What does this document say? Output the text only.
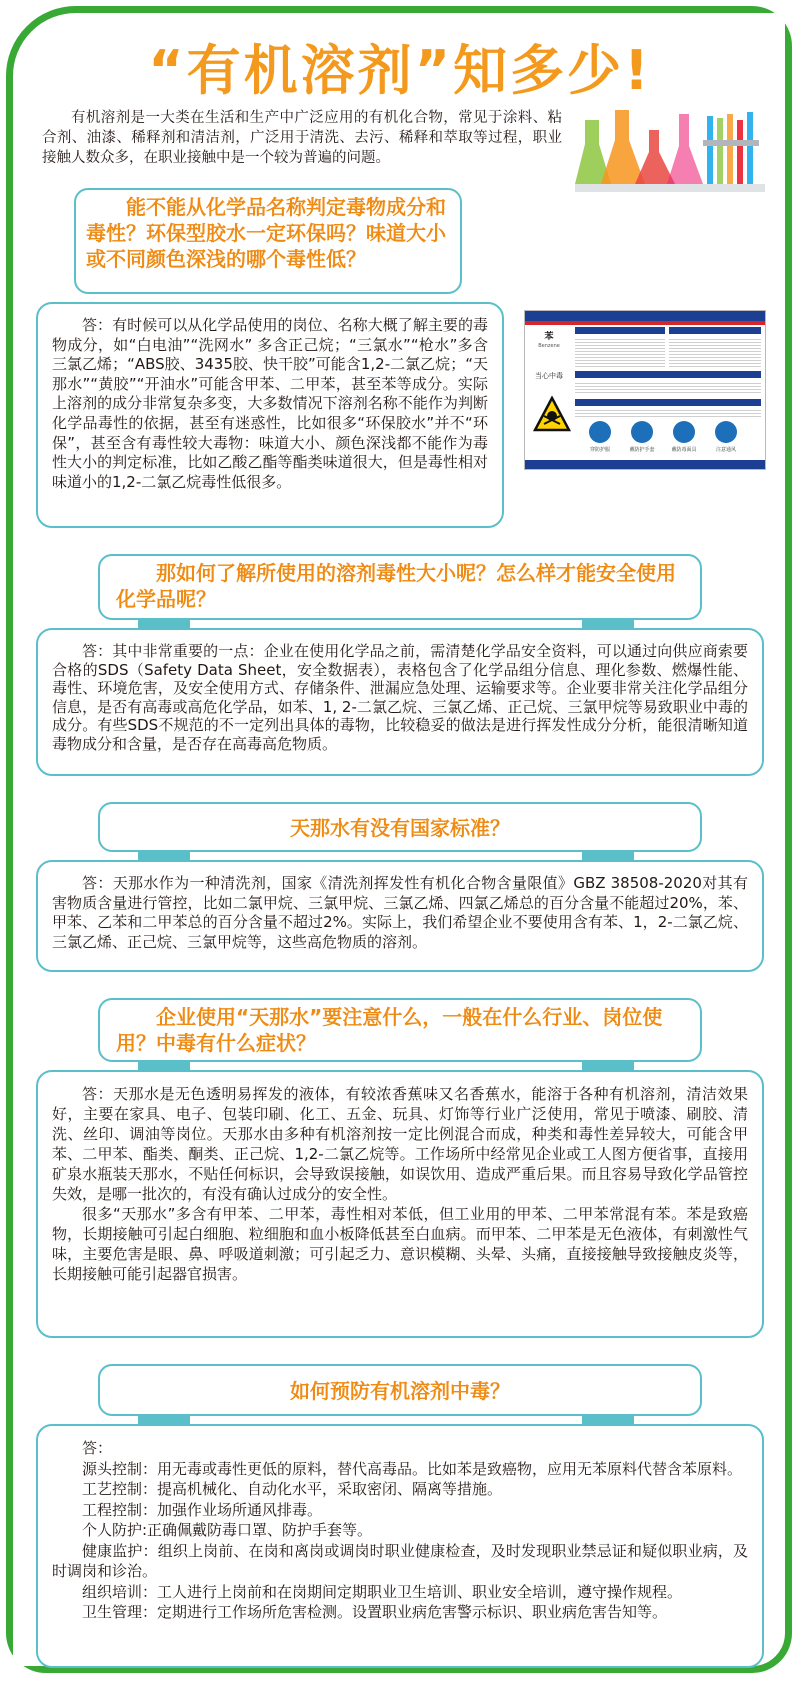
“有机溶剂”知多少!
有机溶剂是一大类在生活和生产中广泛应用的有机化合物，常见于涂料、粘合剂、油漆、稀释剂和清洁剂，广泛用于清洗、去污、稀释和萃取等过程，职业接触人数众多，在职业接触中是一个较为普遍的问题。
能不能从化学品名称判定毒物成分和毒性？环保型胶水一定环保吗？味道大小或不同颜色深浅的哪个毒性低？

答：有时候可以从化学品使用的岗位、名称大概了解主要的毒物成分，如“白电油”“洗网水” 多含正己烷；“三氯水”“枪水”多含三氯乙烯；“ABS胶、3435胶、快干胶”可能含1,2-二氯乙烷；“天那水”“黄胶”“开油水”可能含甲苯、二甲苯，甚至苯等成分。实际上溶剂的成分非常复杂多变，大多数情况下溶剂名称不能作为判断化学品毒性的依据，甚至有迷惑性，比如很多“环保胶水”并不“环保”，甚至含有毒性较大毒物：味道大小、颜色深浅都不能作为毒性大小的判定标准，比如乙酸乙酯等酯类味道很大，但是毒性相对味道小的1,2-二氯乙烷毒性低很多。

苯
Benzene
当心中毒
穿防护服	戴防护手套	戴防毒面具	注意通风
那如何了解所使用的溶剂毒性大小呢？怎么样才能安全使用化学品呢？

答：其中非常重要的一点：企业在使用化学品之前，需清楚化学品安全资料，可以通过向供应商索要合格的SDS（Safety Data Sheet，安全数据表），表格包含了化学品组分信息、理化参数、燃爆性能、毒性、环境危害，及安全使用方式、存储条件、泄漏应急处理、运输要求等。企业要非常关注化学品组分信息，是否有高毒或高危化学品，如苯、1, 2-二氯乙烷、三氯乙烯、正己烷、三氯甲烷等易致职业中毒的成分。有些SDS不规范的不一定列出具体的毒物，比较稳妥的做法是进行挥发性成分分析，能很清晰知道毒物成分和含量，是否存在高毒高危物质。

天那水有没有国家标准？

答：天那水作为一种清洗剂，国家《清洗剂挥发性有机化合物含量限值》GBZ 38508-2020对其有害物质含量进行管控，比如二氯甲烷、三氯甲烷、三氯乙烯、四氯乙烯总的百分含量不能超过20%，苯、甲苯、乙苯和二甲苯总的百分含量不超过2%。实际上，我们希望企业不要使用含有苯、1，2-二氯乙烷、三氯乙烯、正己烷、三氯甲烷等，这些高危物质的溶剂。

企业使用“天那水”要注意什么，一般在什么行业、岗位使用？中毒有什么症状？

答：天那水是无色透明易挥发的液体，有较浓香蕉味又名香蕉水，能溶于各种有机溶剂，清洁效果好，主要在家具、电子、包装印刷、化工、五金、玩具、灯饰等行业广泛使用，常见于喷漆、刷胶、清洗、丝印、调油等岗位。天那水由多种有机溶剂按一定比例混合而成，种类和毒性差异较大，可能含甲苯、二甲苯、酯类、酮类、正己烷、1,2-二氯乙烷等。工作场所中经常见企业或工人图方便省事，直接用矿泉水瓶装天那水，不贴任何标识，会导致误接触，如误饮用、造成严重后果。而且容易导致化学品管控失效，是哪一批次的，有没有确认过成分的安全性。

很多“天那水”多含有甲苯、二甲苯，毒性相对苯低，但工业用的甲苯、二甲苯常混有苯。苯是致癌物，长期接触可引起白细胞、粒细胞和血小板降低甚至白血病。而甲苯、二甲苯是无色液体，有刺激性气味，主要危害是眼、鼻、呼吸道刺激；可引起乏力、意识模糊、头晕、头痛，直接接触导致接触皮炎等，长期接触可能引起器官损害。

如何预防有机溶剂中毒？

答：

源头控制：用无毒或毒性更低的原料，替代高毒品。比如苯是致癌物，应用无苯原料代替含苯原料。

工艺控制：提高机械化、自动化水平，采取密闭、隔离等措施。

工程控制：加强作业场所通风排毒。

个人防护:正确佩戴防毒口罩、防护手套等。

健康监护：组织上岗前、在岗和离岗或调岗时职业健康检查，及时发现职业禁忌证和疑似职业病，及时调岗和诊治。

组织培训：工人进行上岗前和在岗期间定期职业卫生培训、职业安全培训，遵守操作规程。

卫生管理：定期进行工作场所危害检测。设置职业病危害警示标识、职业病危害告知等。
